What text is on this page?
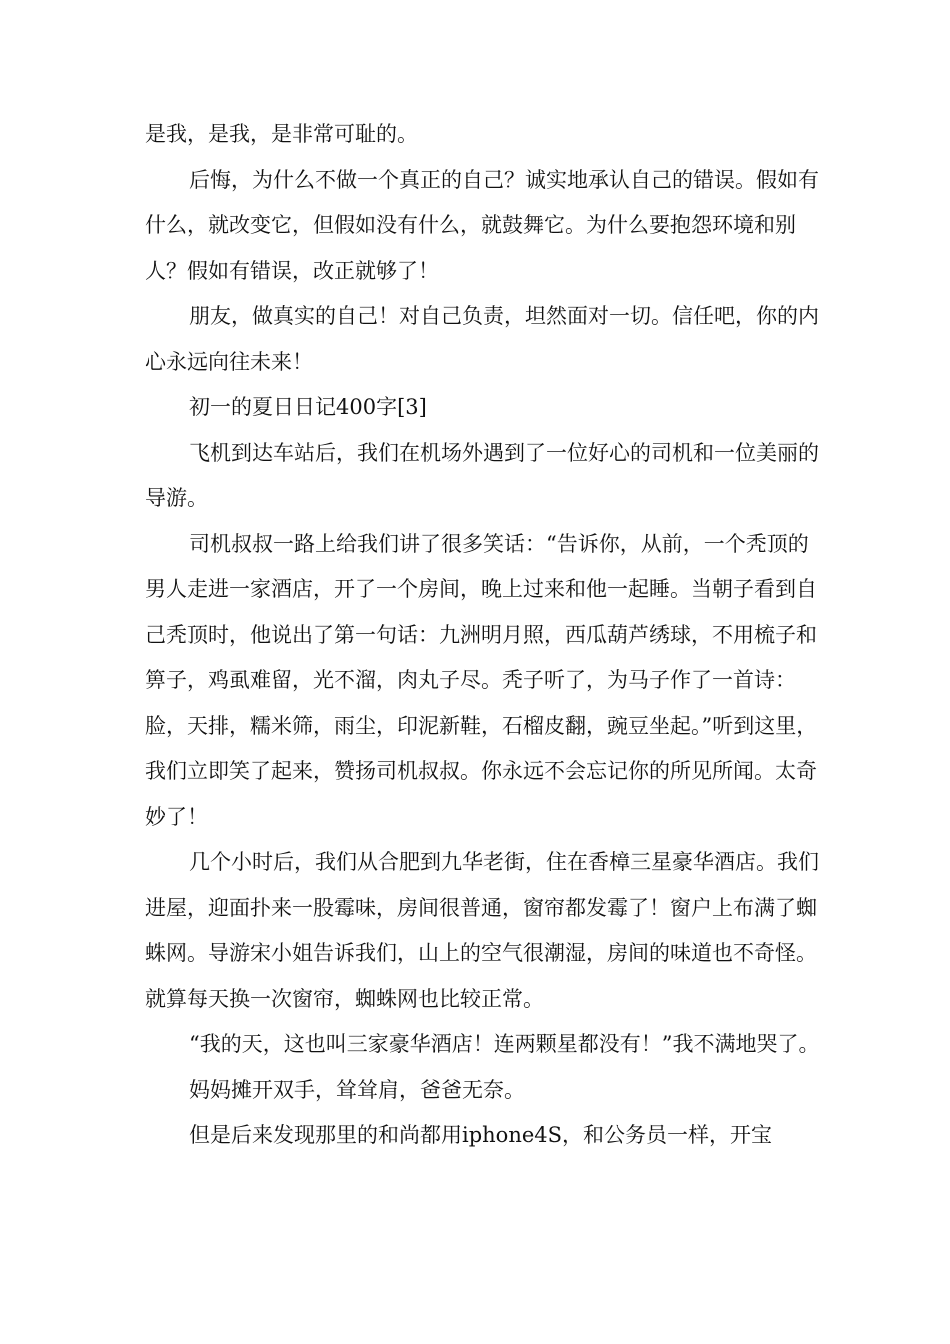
是我，是我，是非常可耻的。

后悔，为什么不做一个真正的自己？诚实地承认自己的错误。假如有什么，就改变它，但假如没有什么，就鼓舞它。为什么要抱怨环境和别人？假如有错误，改正就够了！

朋友，做真实的自己！对自己负责，坦然面对一切。信任吧，你的内心永远向往未来！

初一的夏日日记400字[3]

飞机到达车站后，我们在机场外遇到了一位好心的司机和一位美丽的导游。

司机叔叔一路上给我们讲了很多笑话：“告诉你，从前，一个秃顶的男人走进一家酒店，开了一个房间，晚上过来和他一起睡。当朝子看到自己秃顶时，他说出了第一句话：九洲明月照，西瓜葫芦绣球，不用梳子和箅子，鸡虱难留，光不溜，肉丸子尽。秃子听了，为马子作了一首诗：脸，天排，糯米筛，雨尘，印泥新鞋，石榴皮翻，豌豆坐起。”听到这里，我们立即笑了起来，赞扬司机叔叔。你永远不会忘记你的所见所闻。太奇妙了！

几个小时后，我们从合肥到九华老街，住在香樟三星豪华酒店。我们进屋，迎面扑来一股霉味，房间很普通，窗帘都发霉了！窗户上布满了蜘蛛网。导游宋小姐告诉我们，山上的空气很潮湿，房间的味道也不奇怪。就算每天换一次窗帘，蜘蛛网也比较正常。

“我的天，这也叫三家豪华酒店！连两颗星都没有！”我不满地哭了。

妈妈摊开双手，耸耸肩，爸爸无奈。

但是后来发现那里的和尚都用iphone4S，和公务员一样，开宝
